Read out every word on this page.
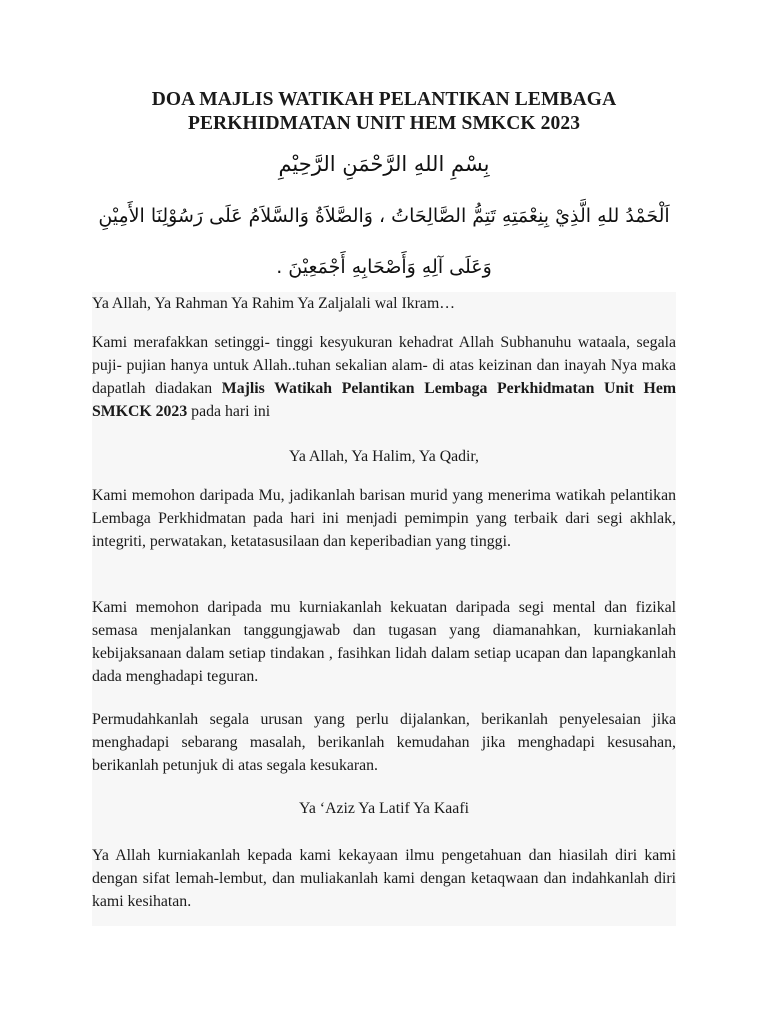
DOA MAJLIS WATIKAH PELANTIKAN LEMBAGA
PERKHIDMATAN UNIT HEM SMKCK 2023

بِسْمِ اللهِ الرَّحْمَنِ الرَّحِيْمِ

اَلْحَمْدُ للهِ الَّذِيْ بِنِعْمَتِهِ تَتِمُّ الصَّالِحَاتُ ، وَالصَّلاَةُ وَالسَّلاَمُ عَلَى رَسُوْلِنَا الأَمِيْنِ

وَعَلَى آلِهِ وَأَصْحَابِهِ أَجْمَعِيْنَ .

Ya Allah, Ya Rahman Ya Rahim Ya Zaljalali wal Ikram…

Kami merafakkan setinggi- tinggi kesyukuran kehadrat Allah Subhanuhu wataala, segala puji- pujian hanya untuk Allah..tuhan sekalian alam- di atas keizinan dan inayah Nya maka dapatlah diadakan Majlis Watikah Pelantikan Lembaga Perkhidmatan Unit Hem SMKCK 2023 pada hari ini

Ya Allah, Ya Halim, Ya Qadir,

Kami memohon daripada Mu, jadikanlah barisan murid yang menerima watikah pelantikan Lembaga Perkhidmatan pada hari ini menjadi pemimpin yang terbaik dari segi akhlak, integriti, perwatakan, ketatasusilaan dan keperibadian yang tinggi.

Kami memohon daripada mu kurniakanlah kekuatan daripada segi mental dan fizikal semasa menjalankan tanggungjawab dan tugasan yang diamanahkan, kurniakanlah kebijaksanaan dalam setiap tindakan , fasihkan lidah dalam setiap ucapan dan lapangkanlah dada menghadapi teguran.

Permudahkanlah segala urusan yang perlu dijalankan, berikanlah penyelesaian jika menghadapi sebarang masalah, berikanlah kemudahan jika menghadapi kesusahan, berikanlah petunjuk di atas segala kesukaran.

Ya ‘Aziz Ya Latif Ya Kaafi

Ya Allah kurniakanlah kepada kami kekayaan ilmu pengetahuan dan hiasilah diri kami dengan sifat lemah-lembut, dan muliakanlah kami dengan ketaqwaan dan indahkanlah diri kami kesihatan.
